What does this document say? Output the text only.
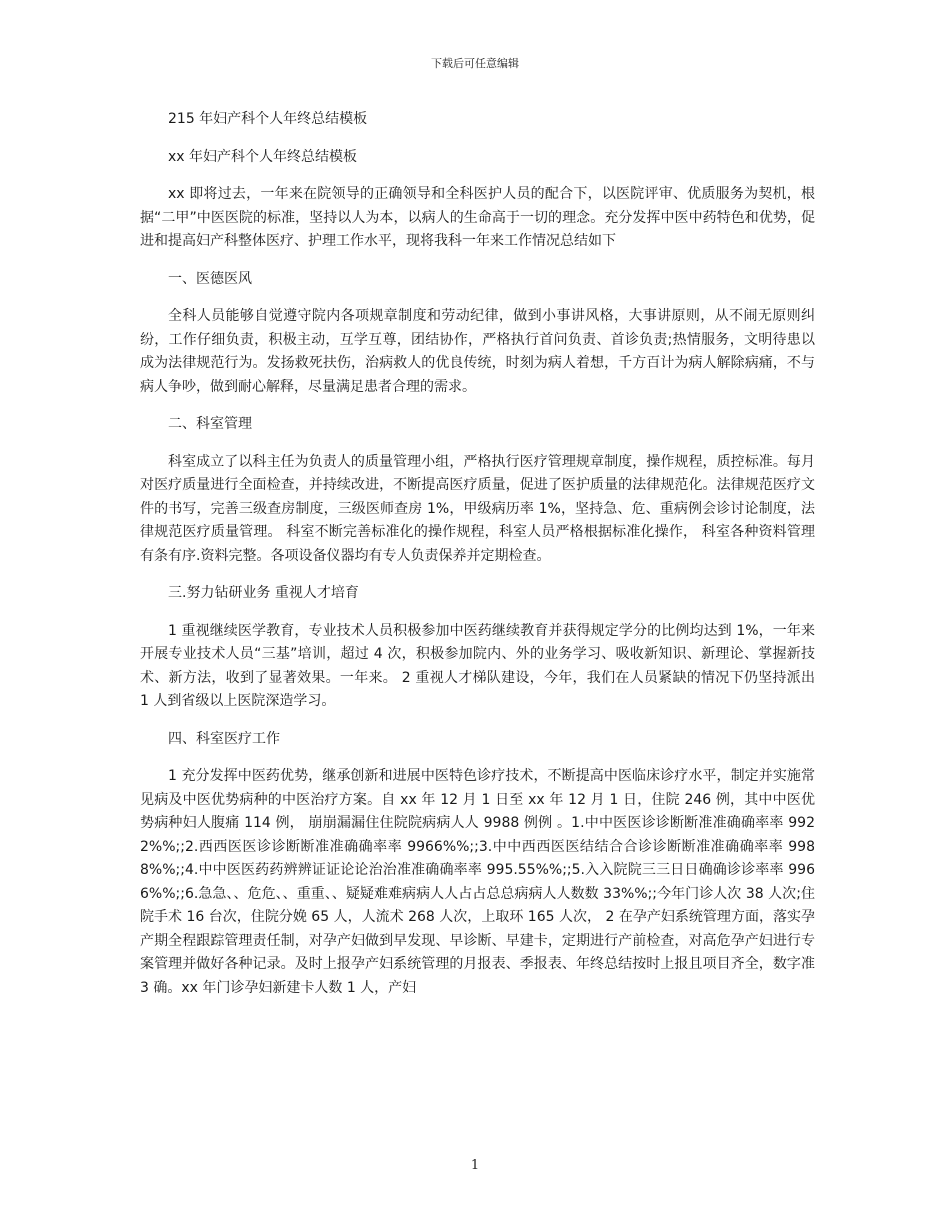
下载后可任意编辑

215 年妇产科个人年终总结模板

xx 年妇产科个人年终总结模板

xx 即将过去，一年来在院领导的正确领导和全科医护人员的配合下，以医院评审、优质服务为契机，根据“二甲”中医医院的标准，坚持以人为本，以病人的生命高于一切的理念。充分发挥中医中药特色和优势，促进和提高妇产科整体医疗、护理工作水平，现将我科一年来工作情况总结如下

一、医德医风

全科人员能够自觉遵守院内各项规章制度和劳动纪律，做到小事讲风格，大事讲原则，从不闹无原则纠纷，工作仔细负责，积极主动，互学互尊，团结协作，严格执行首问负责、首诊负责;热情服务，文明待患以成为法律规范行为。发扬救死扶伤，治病救人的优良传统，时刻为病人着想，千方百计为病人解除病痛，不与病人争吵，做到耐心解释，尽量满足患者合理的需求。

二、科室管理

科室成立了以科主任为负责人的质量管理小组，严格执行医疗管理规章制度，操作规程，质控标准。每月对医疗质量进行全面检查，并持续改进，不断提高医疗质量，促进了医护质量的法律规范化。法律规范医疗文件的书写，完善三级查房制度，三级医师查房 1%，甲级病历率 1%，坚持急、危、重病例会诊讨论制度，法律规范医疗质量管理。 科室不断完善标准化的操作规程，科室人员严格根据标准化操作， 科室各种资料管理有条有序.资料完整。各项设备仪器均有专人负责保养并定期检查。

三.努力钻研业务 重视人才培育

1 重视继续医学教育，专业技术人员积极参加中医药继续教育并获得规定学分的比例均达到 1%，一年来开展专业技术人员“三基”培训，超过 4 次，积极参加院内、外的业务学习、吸收新知识、新理论、掌握新技术、新方法，收到了显著效果。一年来。 2 重视人才梯队建设，今年，我们在人员紧缺的情况下仍坚持派出 1 人到省级以上医院深造学习。

四、科室医疗工作

1 充分发挥中医药优势，继承创新和进展中医特色诊疗技术，不断提高中医临床诊疗水平，制定并实施常见病及中医优势病种的中医治疗方案。自 xx 年 12 月 1 日至 xx 年 12 月 1 日，住院 246 例，其中中医优势病种妇人腹痛 114 例， 崩崩漏漏住住院院病病人人 9988 例例 。1.中中医医诊诊断断准准确确率率 9922%%;;2.西西医医诊诊断断准准确确率率 9966%%;;3.中中西西医医结结合合诊诊断断准准确确率率 9988%%;;4.中中医医药药辨辨证证论论治治准准确确率率 995.55%%;;5.入入院院三三日日确确诊诊率率 9966%%;;6.急急、、危危、、重重、、疑疑难难病病人人占占总总病病人人数数 33%%;;今年门诊人次 38 人次;住院手术 16 台次，住院分娩 65 人，人流术 268 人次，上取环 165 人次， 2 在孕产妇系统管理方面，落实孕产期全程跟踪管理责任制，对孕产妇做到早发现、早诊断、早建卡，定期进行产前检查，对高危孕产妇进行专案管理并做好各种记录。及时上报孕产妇系统管理的月报表、季报表、年终总结按时上报且项目齐全，数字准 3 确。xx 年门诊孕妇新建卡人数 1 人，产妇

1
